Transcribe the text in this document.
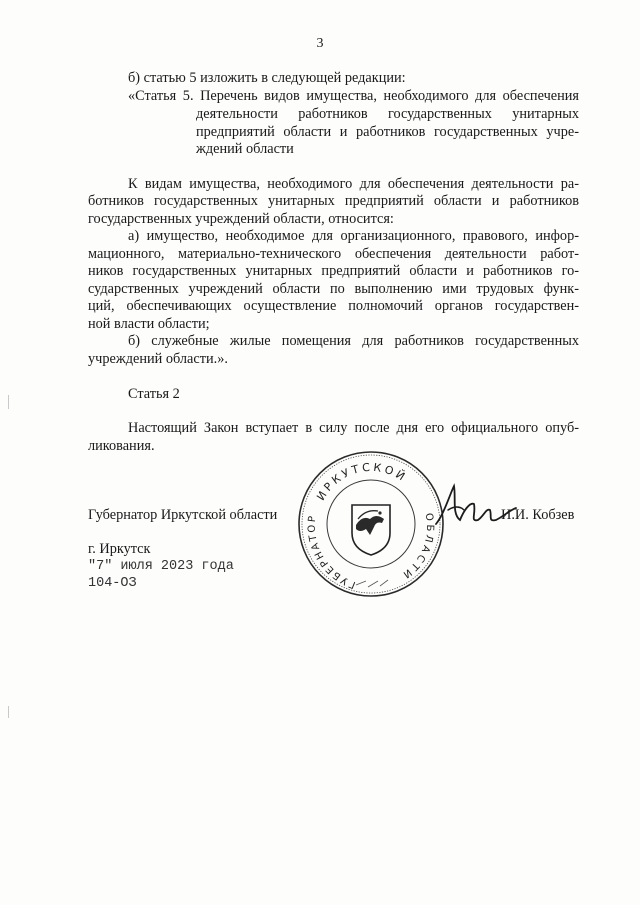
3

б) статью 5 изложить в следующей редакции:

«Статья 5. Перечень видов имущества, необходимого для обеспечения

деятельности работников государственных унитарных

предприятий области и работников государственных учре-

ждений области

К видам имущества, необходимого для обеспечения деятельности ра-

ботников государственных унитарных предприятий области и работников

государственных учреждений области, относится:

а) имущество, необходимое для организационного, правового, инфор-

мационного, материально-технического обеспечения деятельности работ-

ников государственных унитарных предприятий области и работников го-

сударственных учреждений области по выполнению ими трудовых функ-

ций, обеспечивающих осуществление полномочий органов государствен-

ной власти области;

б) служебные жилые помещения для работников государственных

учреждений области.».

Статья 2

Настоящий Закон вступает в силу после дня его официального опуб-

ликования.

Губернатор Иркутской области	И.И. Кобзев

г. Иркутск

"7" июля 2023 года

104-ОЗ

ИРКУТСКОЙ
ГУБЕРНАТОР	ОБЛАСТИ
